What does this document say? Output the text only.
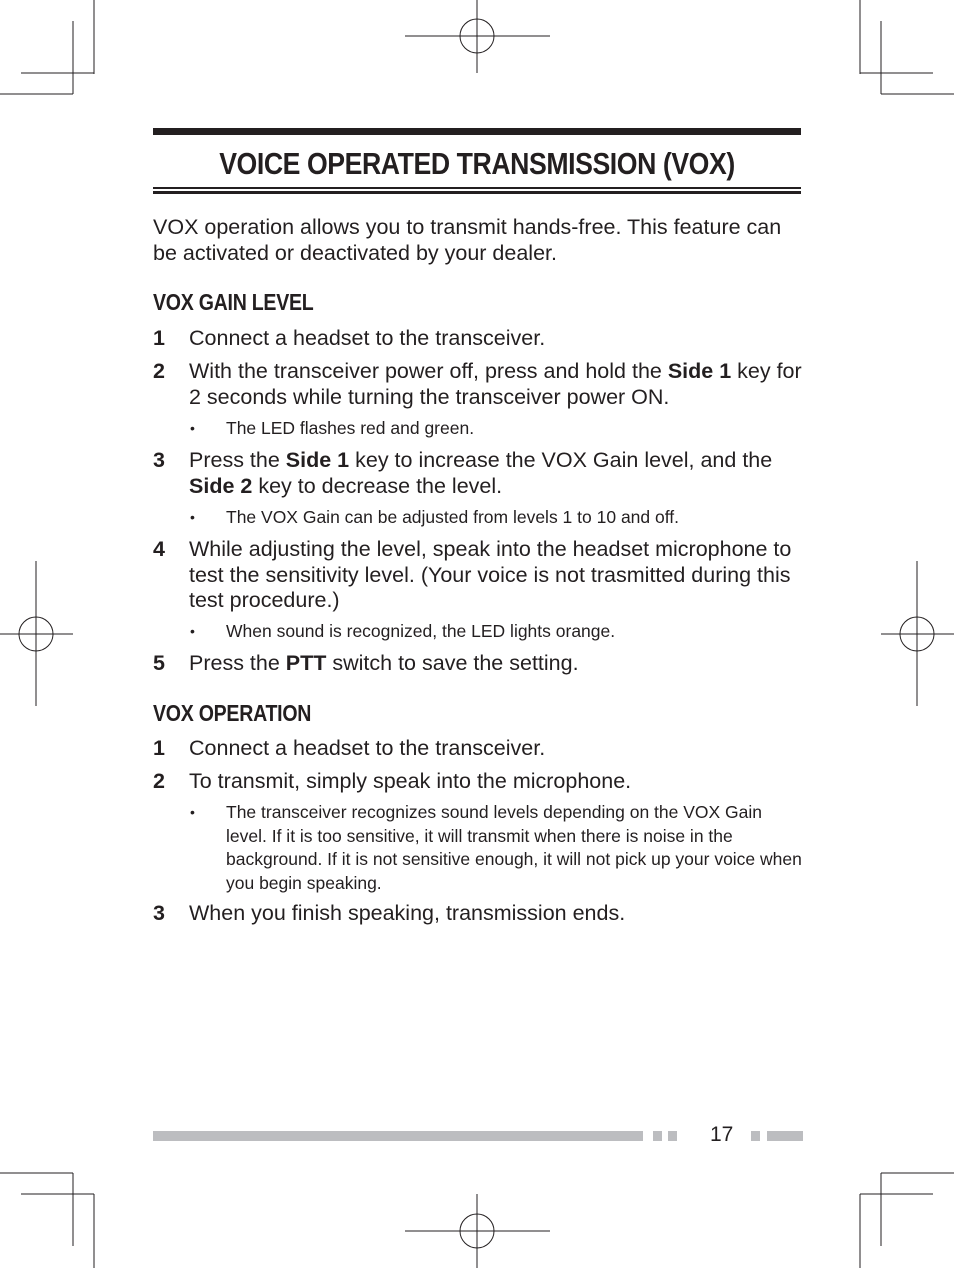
VOICE OPERATED TRANSMISSION (VOX)

VOX operation allows you to transmit hands-free. This feature can be activated or deactivated by your dealer.

VOX GAIN LEVEL
1 Connect a headset to the transceiver.
2 With the transceiver power off, press and hold the Side 1 key for 2 seconds while turning the transceiver power ON.
• The LED flashes red and green.
3 Press the Side 1 key to increase the VOX Gain level, and the Side 2 key to decrease the level.
• The VOX Gain can be adjusted from levels 1 to 10 and off.
4 While adjusting the level, speak into the headset microphone to test the sensitivity level. (Your voice is not trasmitted during this test procedure.)
• When sound is recognized, the LED lights orange.
5 Press the PTT switch to save the setting.
VOX OPERATION
1 Connect a headset to the transceiver.
2 To transmit, simply speak into the microphone.
• The transceiver recognizes sound levels depending on the VOX Gain level. If it is too sensitive, it will transmit when there is noise in the background. If it is not sensitive enough, it will not pick up your voice when you begin speaking.
3 When you finish speaking, transmission ends.
17
